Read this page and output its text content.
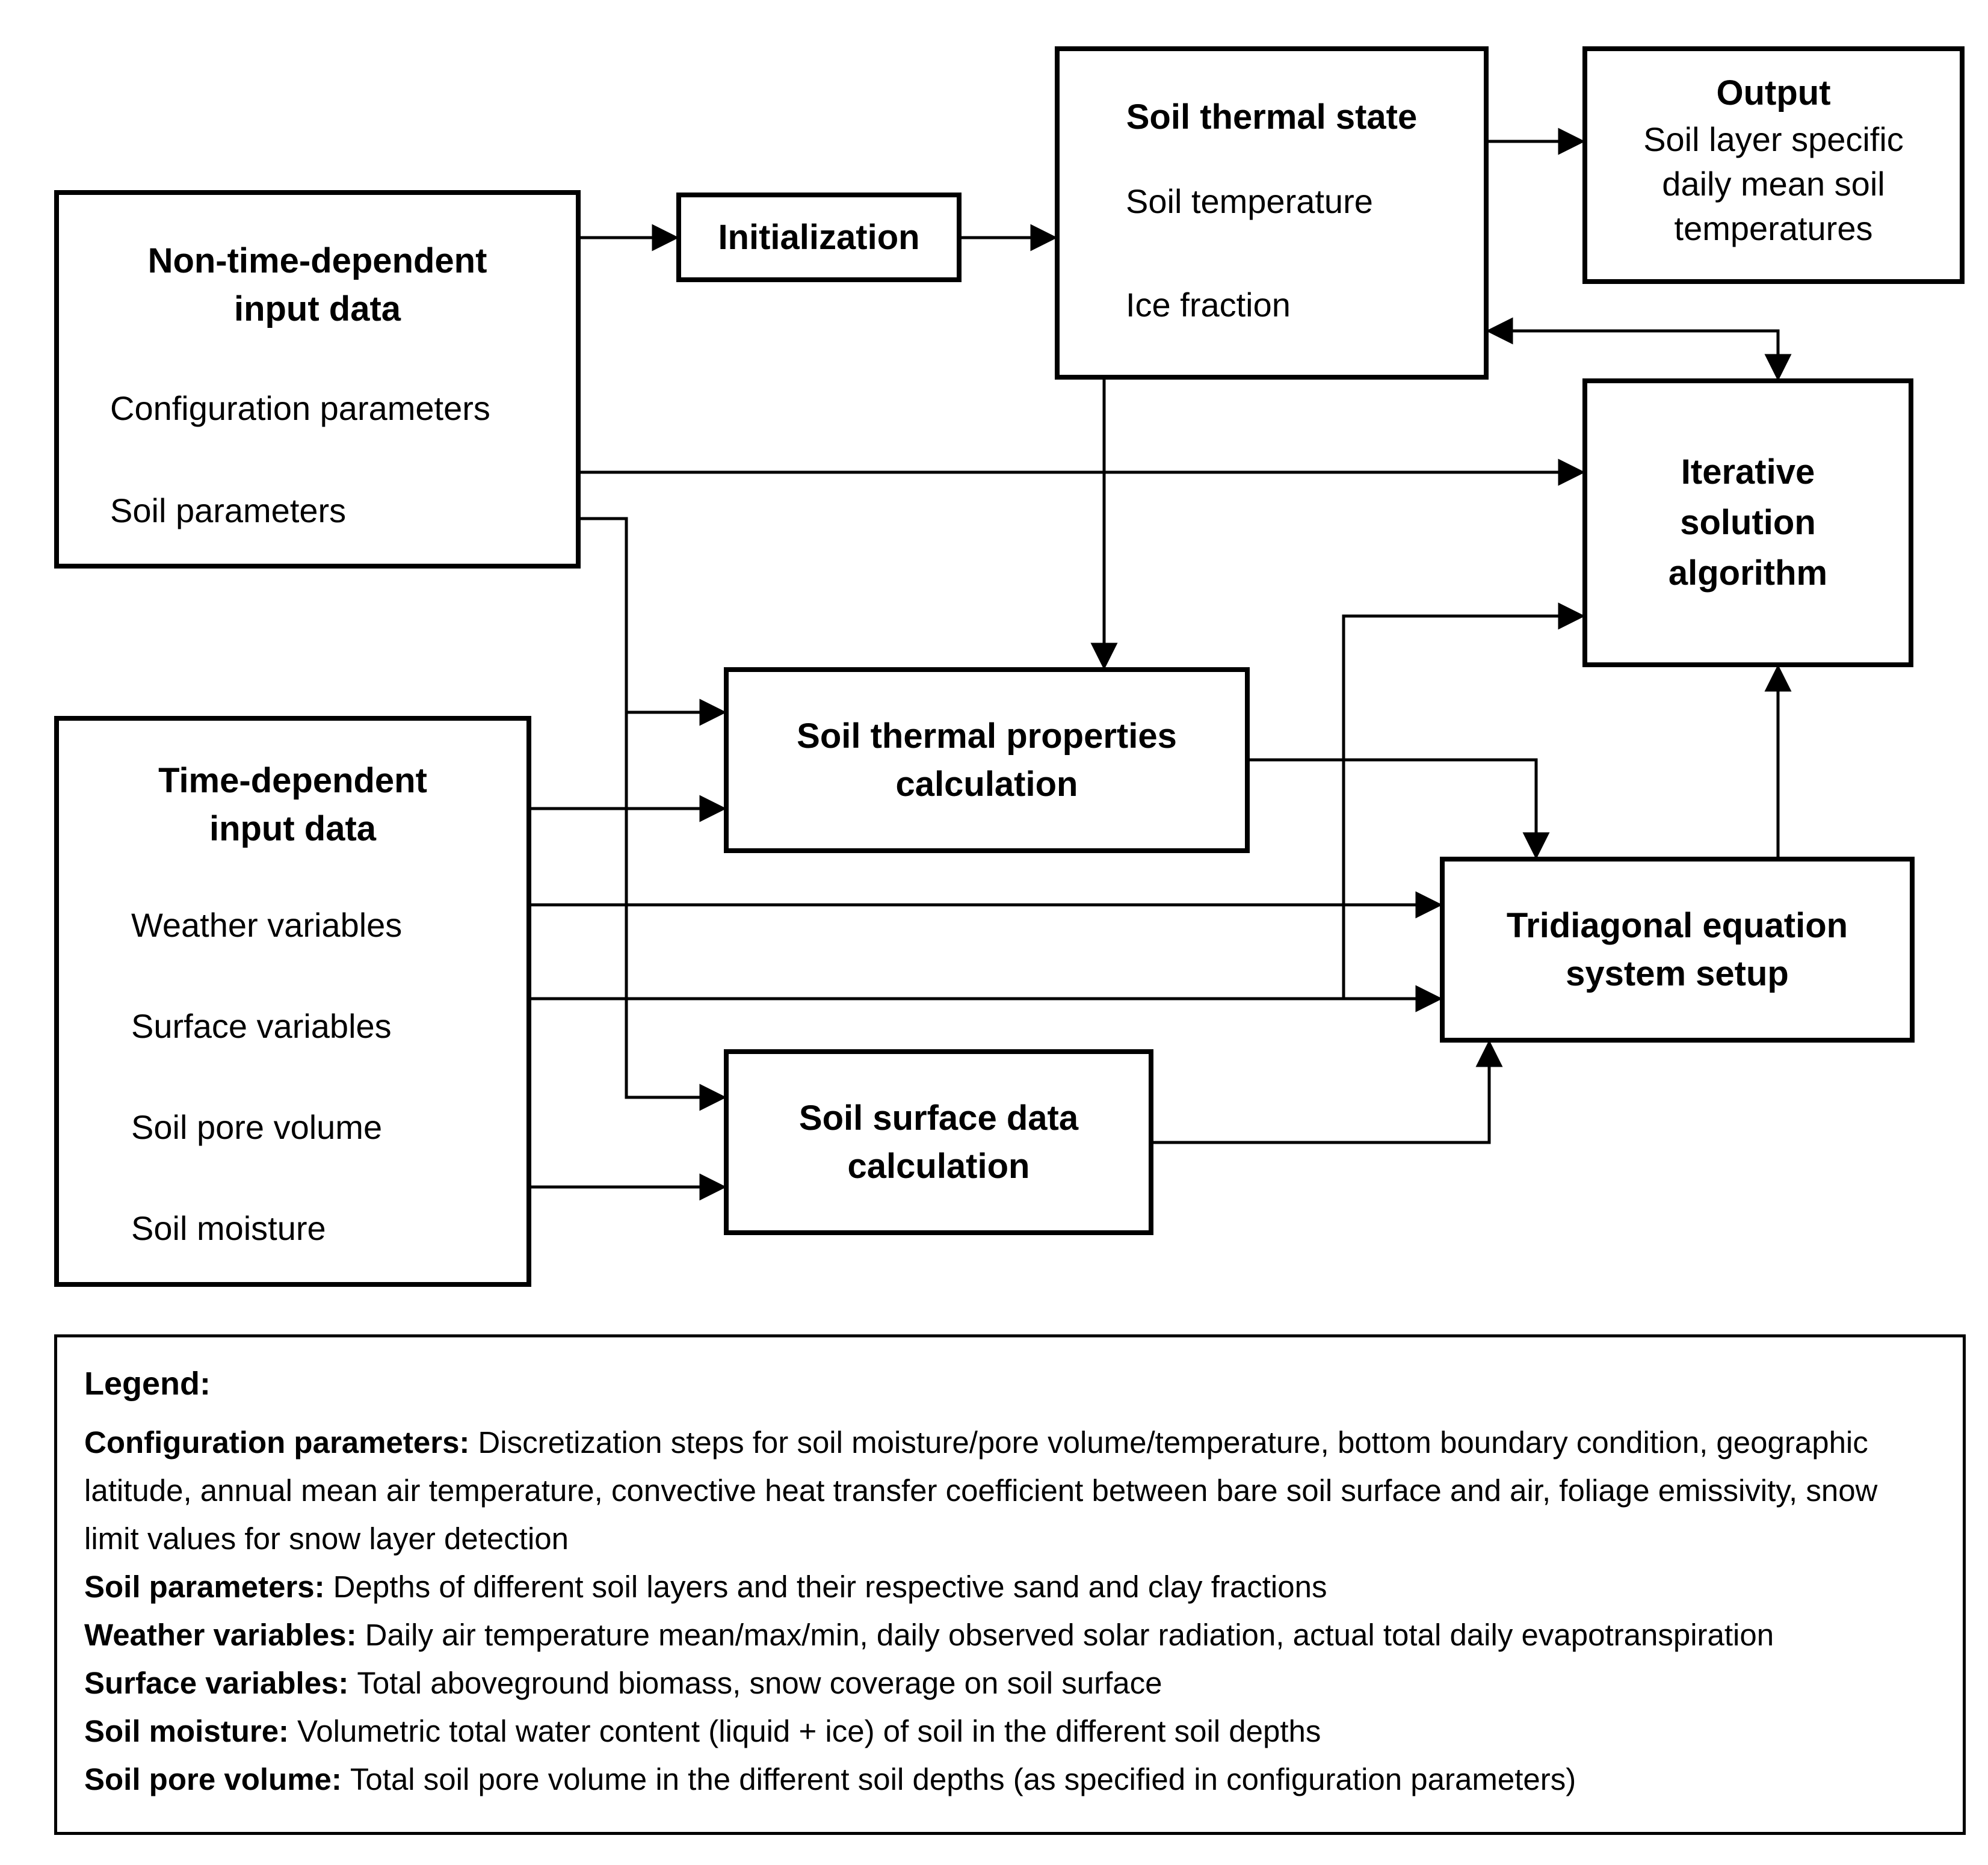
Non-time-dependent
input data
Configuration parameters
Soil parameters
Initialization
Soil thermal state
Soil temperature
Ice fraction
Output
Soil layer specific
daily mean soil
temperatures
Iterative
solution
algorithm
Soil thermal properties
calculation
Time-dependent
input data
Weather variables
Surface variables
Soil pore volume
Soil moisture
Tridiagonal equation
system setup
Soil surface data
calculation
Legend:

Configuration parameters: Discretization steps for soil moisture/pore volume/temperature, bottom boundary condition, geographic latitude, annual mean air temperature, convective heat transfer coefficient between bare soil surface and air, foliage emissivity, snow limit values for snow layer detection

Soil parameters: Depths of different soil layers and their respective sand and clay fractions

Weather variables: Daily air temperature mean/max/min, daily observed solar radiation, actual total daily evapotranspiration

Surface variables: Total aboveground biomass, snow coverage on soil surface

Soil moisture: Volumetric total water content (liquid + ice) of soil in the different soil depths

Soil pore volume: Total soil pore volume in the different soil depths (as specified in configuration parameters)
